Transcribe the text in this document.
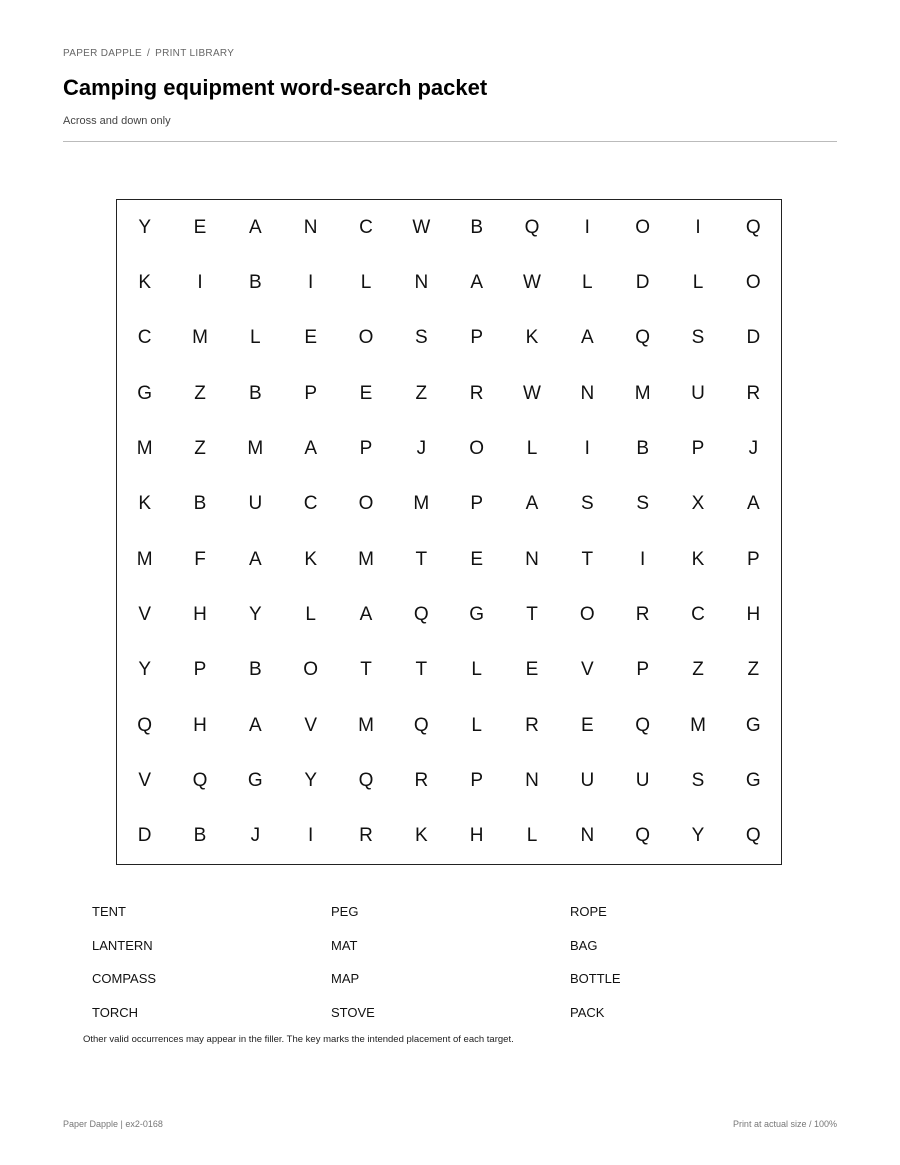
PAPER DAPPLE / PRINT LIBRARY
Camping equipment word-search packet
Across and down only
Y	E	A	N	C	W	B	Q	I	O	I	Q
K	I	B	I	L	N	A	W	L	D	L	O
C	M	L	E	O	S	P	K	A	Q	S	D
G	Z	B	P	E	Z	R	W	N	M	U	R
M	Z	M	A	P	J	O	L	I	B	P	J
K	B	U	C	O	M	P	A	S	S	X	A
M	F	A	K	M	T	E	N	T	I	K	P
V	H	Y	L	A	Q	G	T	O	R	C	H
Y	P	B	O	T	T	L	E	V	P	Z	Z
Q	H	A	V	M	Q	L	R	E	Q	M	G
V	Q	G	Y	Q	R	P	N	U	U	S	G
D	B	J	I	R	K	H	L	N	Q	Y	Q
TENT	PEG	ROPE
LANTERN	MAT	BAG
COMPASS	MAP	BOTTLE
TORCH	STOVE	PACK
Other valid occurrences may appear in the filler. The key marks the intended placement of each target.
Paper Dapple | ex2-0168	Print at actual size / 100%
